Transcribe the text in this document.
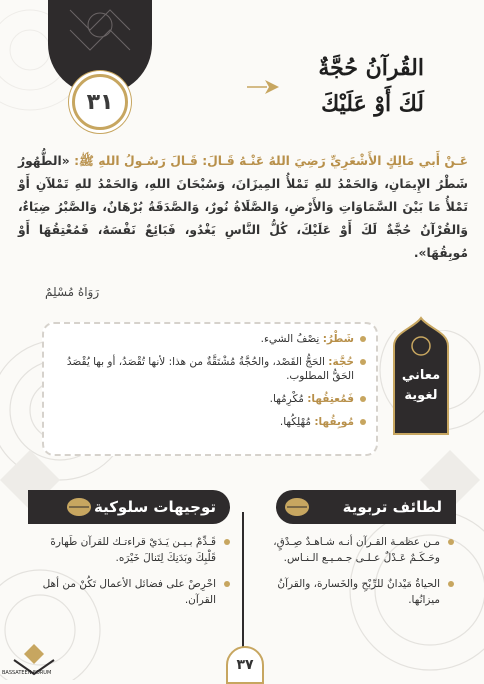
٣١
القُرآنُ حُجَّةٌ
لَكَ أَوْ عَلَيْكَ
عَـنْ أَبي مَالِكٍ الأَشْعَرِيِّ رَضِيَ اللهُ عَنْـهُ قَـالَ: قَـالَ رَسُـولُ اللهِ ﷺ: «الطُّهُورُ شَطْرُ الإِيمَانِ، وَالحَمْدُ للهِ تَمْلأُ المِيزَانَ، وَسُبْحَانَ اللهِ، وَالحَمْدُ للهِ تَمْلآنِ أَوْ تَمْلأُ مَا بَيْنَ السَّمَاوَاتِ وَالأَرْضِ، وَالصَّلَاةُ نُورٌ، وَالصَّدَقَةُ بُرْهَانٌ، وَالصَّبْرُ ضِيَاءٌ، وَالقُرْآنُ حُجَّةٌ لَكَ أَوْ عَلَيْكَ، كُلُّ النَّاسِ يَغْدُو، فَبَائِعٌ نَفْسَهُ، فَمُعْتِقُهَا أَوْ مُوبِقُهَا».
رَوَاهُ مُسْلِمٌ
معاني
لغوية
شَطْرُ: نِصْفُ الشيء.
حُجَّة: الحَجُّ القَصْد، والحُجَّةُ مُشْتَقَّةٌ من هذا: لأنها تُقْصَدُ، أو بها يُقْصَدُ الحَقُّ المطلوب.
فَمُعتِقُها: مُكْرِمُها.
مُوبِقُها: مُهْلِكُها.
لطائف تربوية
توجيهات سلوكية
مـن عظمـة القـرآن أنـه شـاهـدٌ صِـدْقٍ، وحَـكَـمٌ عَـدْلٌ عـلـى جـمـيـع الـنـاس.
الحياةُ مَيْدانٌ للرِّبْحِ والخَسارة، والقرآنُ ميزانُها.
قَـدِّمْ بـيـن يَـدَيْ قراءتـك للقرآن طَهارةَ قَلْبِكَ وبَدَنِكَ لِتَنالَ خَيْرَه.
احْرِصْ على فضائل الأعمال تَكُنْ من أهل القرآن.
٣٧
BASSATEEN FORUM
